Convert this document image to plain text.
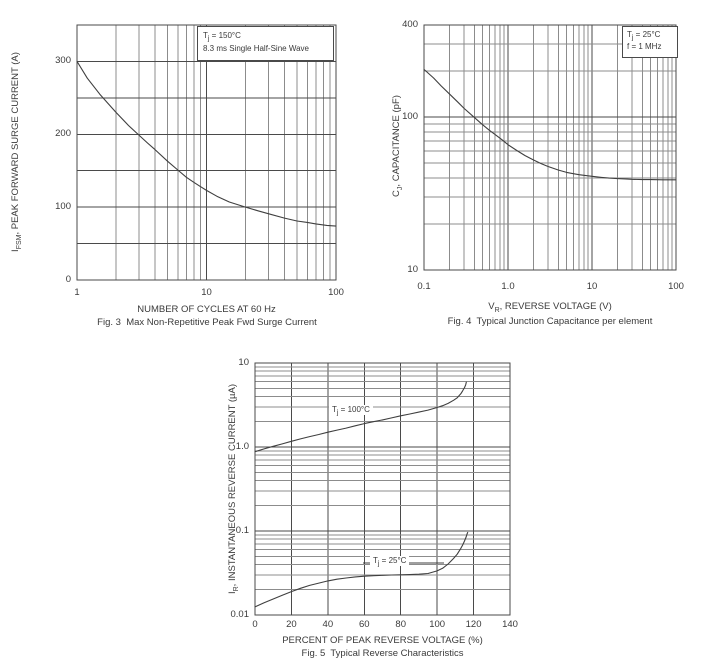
$I_{FSM}$, PEAK FORWARD SURGE CURRENT (A)
NUMBER OF CYCLES AT 60 Hz
Fig. 3  Max Non-Repetitive Peak Fwd Surge Current
$T_j = 150^\circ C$
8.3 ms Single Half-Sine Wave
$C_J$, CAPACITANCE (pF)
$V_R$, REVERSE VOLTAGE (V)
Fig. 4  Typical Junction Capacitance per element
$T_j = 25^\circ C$
f = 1 MHz
$I_R$, INSTANTANEOUS REVERSE CURRENT (µA)
PERCENT OF PEAK REVERSE VOLTAGE (%)
Fig. 5  Typical Reverse Characteristics
$T_j = 100^\circ C$
$T_j = 25^\circ C$
1	10	100
0
100
200
300
0.1	1.0	10	100
400
100
10
0	20	40	60	80	100	120	140
10
1.0
0.1
0.01
